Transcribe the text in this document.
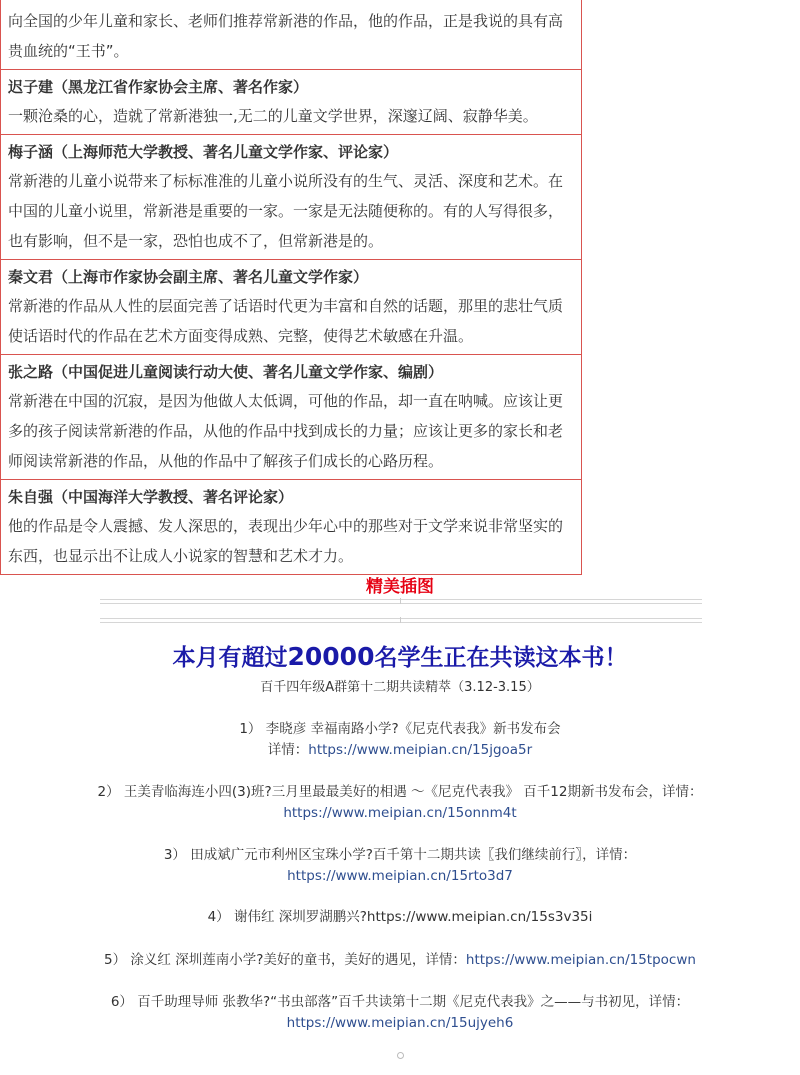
向全国的少年儿童和家长、老师们推荐常新港的作品，他的作品，正是我说的具有高贵血统的“王书”。
迟子建（黑龙江省作家协会主席、著名作家）
一颗沧桑的心，造就了常新港独一,无二的儿童文学世界，深邃辽阔、寂静华美。
梅子涵（上海师范大学教授、著名儿童文学作家、评论家）
常新港的儿童小说带来了标标准准的儿童小说所没有的生气、灵活、深度和艺术。在中国的儿童小说里，常新港是重要的一家。一家是无法随便称的。有的人写得很多，也有影响，但不是一家，恐怕也成不了，但常新港是的。
秦文君（上海市作家协会副主席、著名儿童文学作家）
常新港的作品从人性的层面完善了话语时代更为丰富和自然的话题，那里的悲壮气质使话语时代的作品在艺术方面变得成熟、完整，使得艺术敏感在升温。
张之路（中国促进儿童阅读行动大使、著名儿童文学作家、编剧）
常新港在中国的沉寂，是因为他做人太低调，可他的作品，却一直在呐喊。应该让更多的孩子阅读常新港的作品，从他的作品中找到成长的力量；应该让更多的家长和老师阅读常新港的作品，从他的作品中了解孩子们成长的心路历程。
朱自强（中国海洋大学教授、著名评论家）
他的作品是令人震撼、发人深思的，表现出少年心中的那些对于文学来说非常坚实的东西，也显示出不让成人小说家的智慧和艺术才力。
精美插图
本月有超过20000名学生正在共读这本书！
百千四年级A群第十二期共读精萃（3.12-3.15）
1） 李晓彦 幸福南路小学?《尼克代表我》新书发布会
详情：https://www.meipian.cn/15jgoa5r
2） 王美青临海连小四(3)班?三月里最最美好的相遇 ～《尼克代表我》 百千12期新书发布会，详情：
https://www.meipian.cn/15onnm4t
3） 田成斌广元市利州区宝珠小学?百千第十二期共读〖我们继续前行〗，详情：
https://www.meipian.cn/15rto3d7
4） 谢伟红 深圳罗湖鹏兴?https://www.meipian.cn/15s3v35i
5） 涂义红 深圳莲南小学?美好的童书，美好的遇见，详情：https://www.meipian.cn/15tpocwn
6） 百千助理导师 张教华?“书虫部落”百千共读第十二期《尼克代表我》之——与书初见，详情：
https://www.meipian.cn/15ujyeh6
